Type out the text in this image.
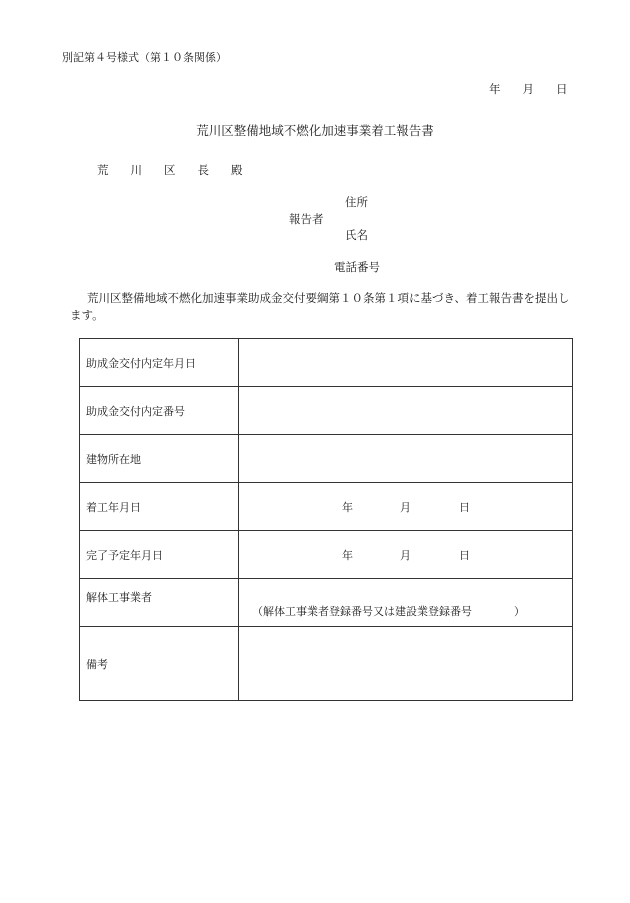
別記第４号様式（第１０条関係）
年 月 日
荒川区整備地域不燃化加速事業着工報告書
荒 川 区 長 殿
住所
報告者
氏名
電話番号
荒川区整備地域不燃化加速事業助成金交付要綱第１０条第１項に基づき、着工報告書を提出します。
助成金交付内定年月日	
助成金交付内定番号	
建物所在地	
着工年月日	年 月 日
完了予定年月日	年 月 日
解体工事業者	（解体工事業者登録番号又は建設業登録番号 ）

備考	
